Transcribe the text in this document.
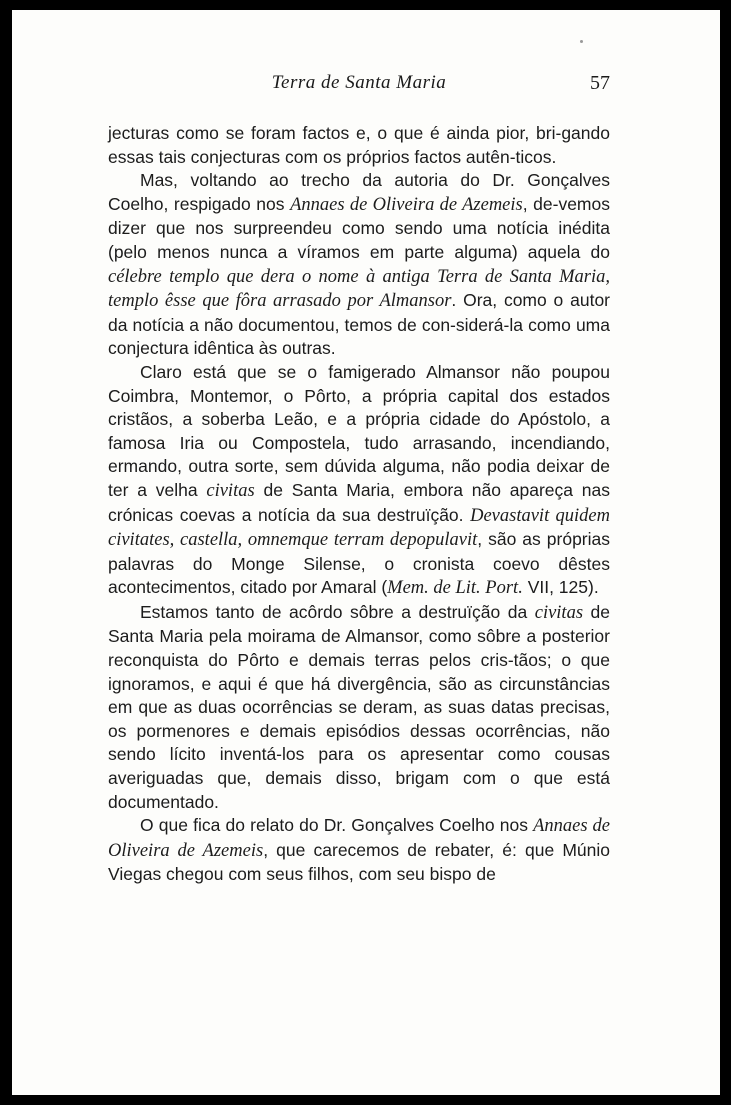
Terra de Santa Maria	57

jecturas como se foram factos e, o que é ainda pior, bri-gando essas tais conjecturas com os próprios factos autên-ticos.

Mas, voltando ao trecho da autoria do Dr. Gonçalves Coelho, respigado nos Annaes de Oliveira de Azemeis, de-vemos dizer que nos surpreendeu como sendo uma notícia inédita (pelo menos nunca a víramos em parte alguma) aquela do célebre templo que dera o nome à antiga Terra de Santa Maria, templo êsse que fôra arrasado por Almansor. Ora, como o autor da notícia a não documentou, temos de con-siderá-la como uma conjectura idêntica às outras.

Claro está que se o famigerado Almansor não poupou Coimbra, Montemor, o Pôrto, a própria capital dos estados cristãos, a soberba Leão, e a própria cidade do Apóstolo, a famosa Iria ou Compostela, tudo arrasando, incendiando, ermando, outra sorte, sem dúvida alguma, não podia deixar de ter a velha civitas de Santa Maria, embora não apareça nas crónicas coevas a notícia da sua destruïção. Devastavit quidem civitates, castella, omnemque terram depopulavit, são as próprias palavras do Monge Silense, o cronista coevo dêstes acontecimentos, citado por Amaral (Mem. de Lit. Port. VII, 125).

Estamos tanto de acôrdo sôbre a destruïção da civitas de Santa Maria pela moirama de Almansor, como sôbre a posterior reconquista do Pôrto e demais terras pelos cris-tãos; o que ignoramos, e aqui é que há divergência, são as circunstâncias em que as duas ocorrências se deram, as suas datas precisas, os pormenores e demais episódios dessas ocorrências, não sendo lícito inventá-los para os apresentar como cousas averiguadas que, demais disso, brigam com o que está documentado.

O que fica do relato do Dr. Gonçalves Coelho nos Annaes de Oliveira de Azemeis, que carecemos de rebater, é: que Múnio Viegas chegou com seus filhos, com seu bispo de
